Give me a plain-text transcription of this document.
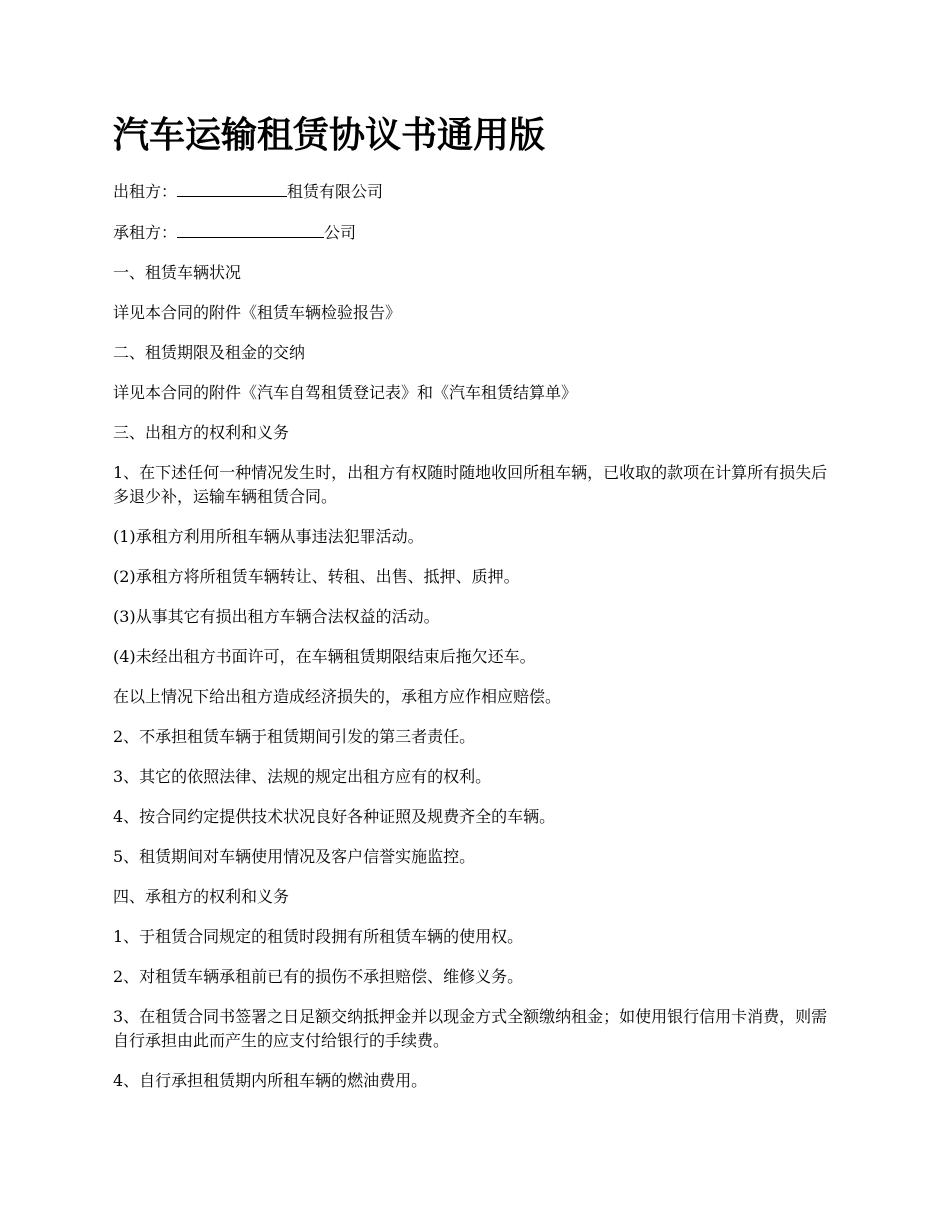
汽车运输租赁协议书通用版

出租方：	租赁有限公司

承租方：	公司

一、租赁车辆状况

详见本合同的附件《租赁车辆检验报告》

二、租赁期限及租金的交纳

详见本合同的附件《汽车自驾租赁登记表》和《汽车租赁结算单》

三、出租方的权利和义务

1、在下述任何一种情况发生时，出租方有权随时随地收回所租车辆，已收取的款项在计算所有损失后多退少补，运输车辆租赁合同。

(1)承租方利用所租车辆从事违法犯罪活动。

(2)承租方将所租赁车辆转让、转租、出售、抵押、质押。

(3)从事其它有损出租方车辆合法权益的活动。

(4)未经出租方书面许可，在车辆租赁期限结束后拖欠还车。

在以上情况下给出租方造成经济损失的，承租方应作相应赔偿。

2、不承担租赁车辆于租赁期间引发的第三者责任。

3、其它的依照法律、法规的规定出租方应有的权利。

4、按合同约定提供技术状况良好各种证照及规费齐全的车辆。

5、租赁期间对车辆使用情况及客户信誉实施监控。

四、承租方的权利和义务

1、于租赁合同规定的租赁时段拥有所租赁车辆的使用权。

2、对租赁车辆承租前已有的损伤不承担赔偿、维修义务。

3、在租赁合同书签署之日足额交纳抵押金并以现金方式全额缴纳租金；如使用银行信用卡消费，则需自行承担由此而产生的应支付给银行的手续费。

4、自行承担租赁期内所租车辆的燃油费用。
